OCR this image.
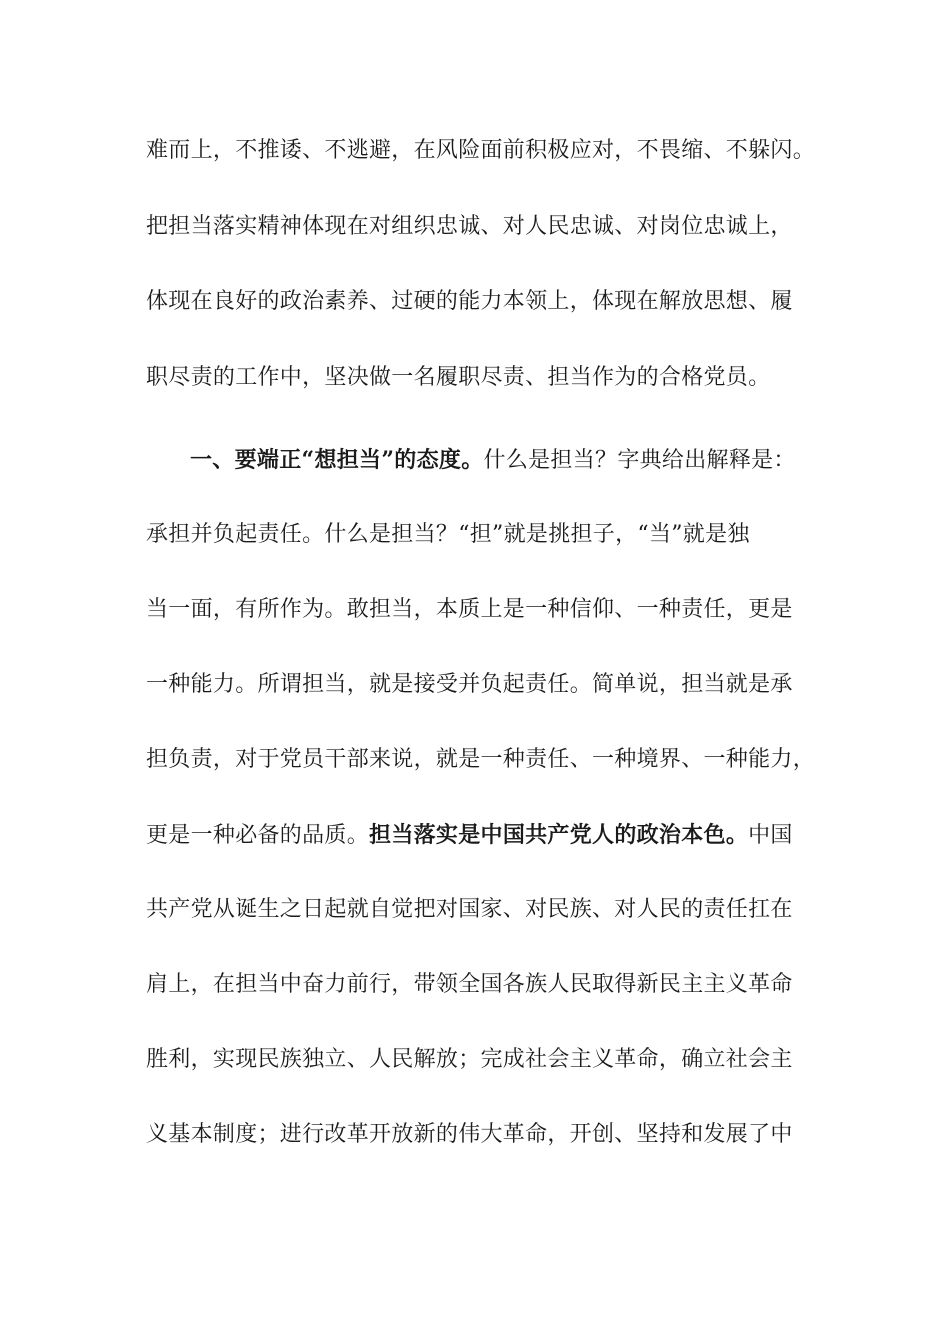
难而上，不推诿、不逃避，在风险面前积极应对，不畏缩、不躲闪。
把担当落实精神体现在对组织忠诚、对人民忠诚、对岗位忠诚上，
体现在良好的政治素养、过硬的能力本领上，体现在解放思想、履
职尽责的工作中，坚决做一名履职尽责、担当作为的合格党员。
一、要端正“想担当”的态度。什么是担当？字典给出解释是：
承担并负起责任。什么是担当？“担”就是挑担子，“当”就是独
当一面，有所作为。敢担当，本质上是一种信仰、一种责任，更是
一种能力。所谓担当，就是接受并负起责任。简单说，担当就是承
担负责，对于党员干部来说，就是一种责任、一种境界、一种能力，
更是一种必备的品质。担当落实是中国共产党人的政治本色。中国
共产党从诞生之日起就自觉把对国家、对民族、对人民的责任扛在
肩上，在担当中奋力前行，带领全国各族人民取得新民主主义革命
胜利，实现民族独立、人民解放；完成社会主义革命，确立社会主
义基本制度；进行改革开放新的伟大革命，开创、坚持和发展了中
